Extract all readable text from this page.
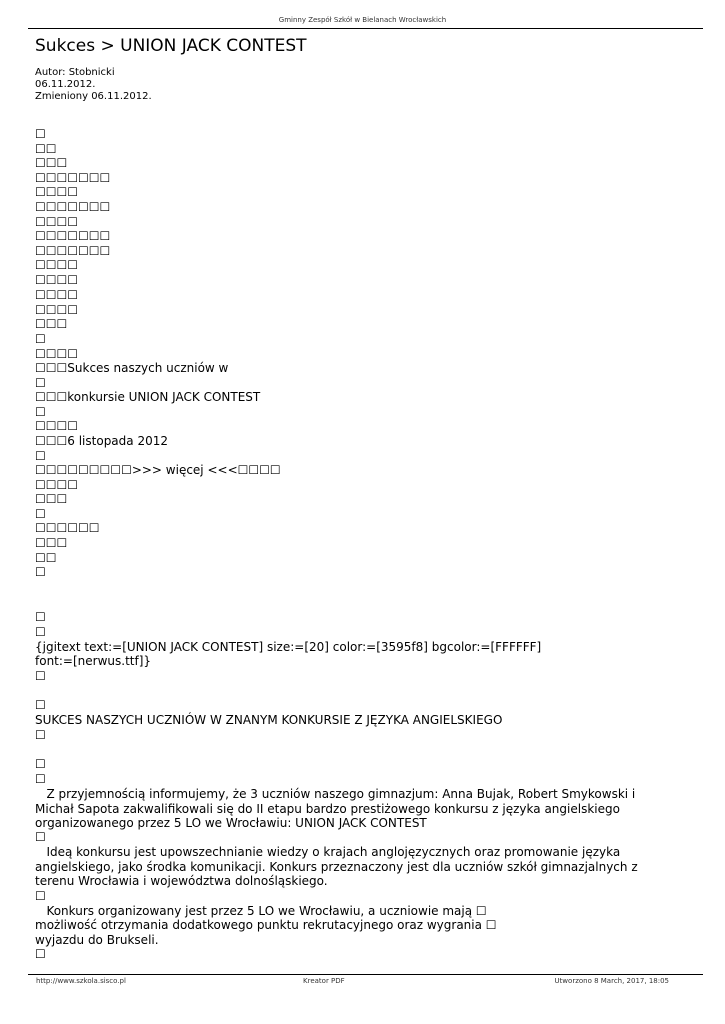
Gminny Zespół Szkół w Bielanach Wrocławskich
Sukces > UNION JACK CONTEST
Autor: Stobnicki
06.11.2012.
Zmieniony 06.11.2012.
☐
☐☐
☐☐☐
☐☐☐☐☐☐☐
☐☐☐☐
☐☐☐☐☐☐☐
☐☐☐☐
☐☐☐☐☐☐☐
☐☐☐☐☐☐☐
☐☐☐☐
☐☐☐☐
☐☐☐☐
☐☐☐☐
☐☐☐
☐
☐☐☐☐
☐☐☐Sukces naszych uczniów w
☐
☐☐☐konkursie UNION JACK CONTEST
☐
☐☐☐☐
☐☐☐6 listopada 2012
☐
☐☐☐☐☐☐☐☐☐>>> więcej <<<☐☐☐☐
☐☐☐☐
☐☐☐
☐
☐☐☐☐☐☐
☐☐☐
☐☐
☐
☐
☐
{jgitext text:=[UNION JACK CONTEST] size:=[20] color:=[3595f8] bgcolor:=[FFFFFF]
font:=[nerwus.ttf]}
☐
☐
SUKCES NASZYCH UCZNIÓW W ZNANYM KONKURSIE Z JĘZYKA ANGIELSKIEGO
☐
☐
☐
Z przyjemnością informujemy, że 3 uczniów naszego gimnazjum: Anna Bujak, Robert Smykowski i
Michał Sapota zakwalifikowali się do II etapu bardzo prestiżowego konkursu z języka angielskiego
organizowanego przez 5 LO we Wrocławiu: UNION JACK CONTEST
☐
Ideą konkursu jest upowszechnianie wiedzy o krajach anglojęzycznych oraz promowanie języka
angielskiego, jako środka komunikacji. Konkurs przeznaczony jest dla uczniów szkół gimnazjalnych z
terenu Wrocławia i województwa dolnośląskiego.
☐
Konkurs organizowany jest przez 5 LO we Wrocławiu, a uczniowie mają ☐
możliwość otrzymania dodatkowego punktu rekrutacyjnego oraz wygrania ☐
wyjazdu do Brukseli.
☐
http://www.szkola.sisco.pl	Kreator PDF	Utworzono 8 March, 2017, 18:05
